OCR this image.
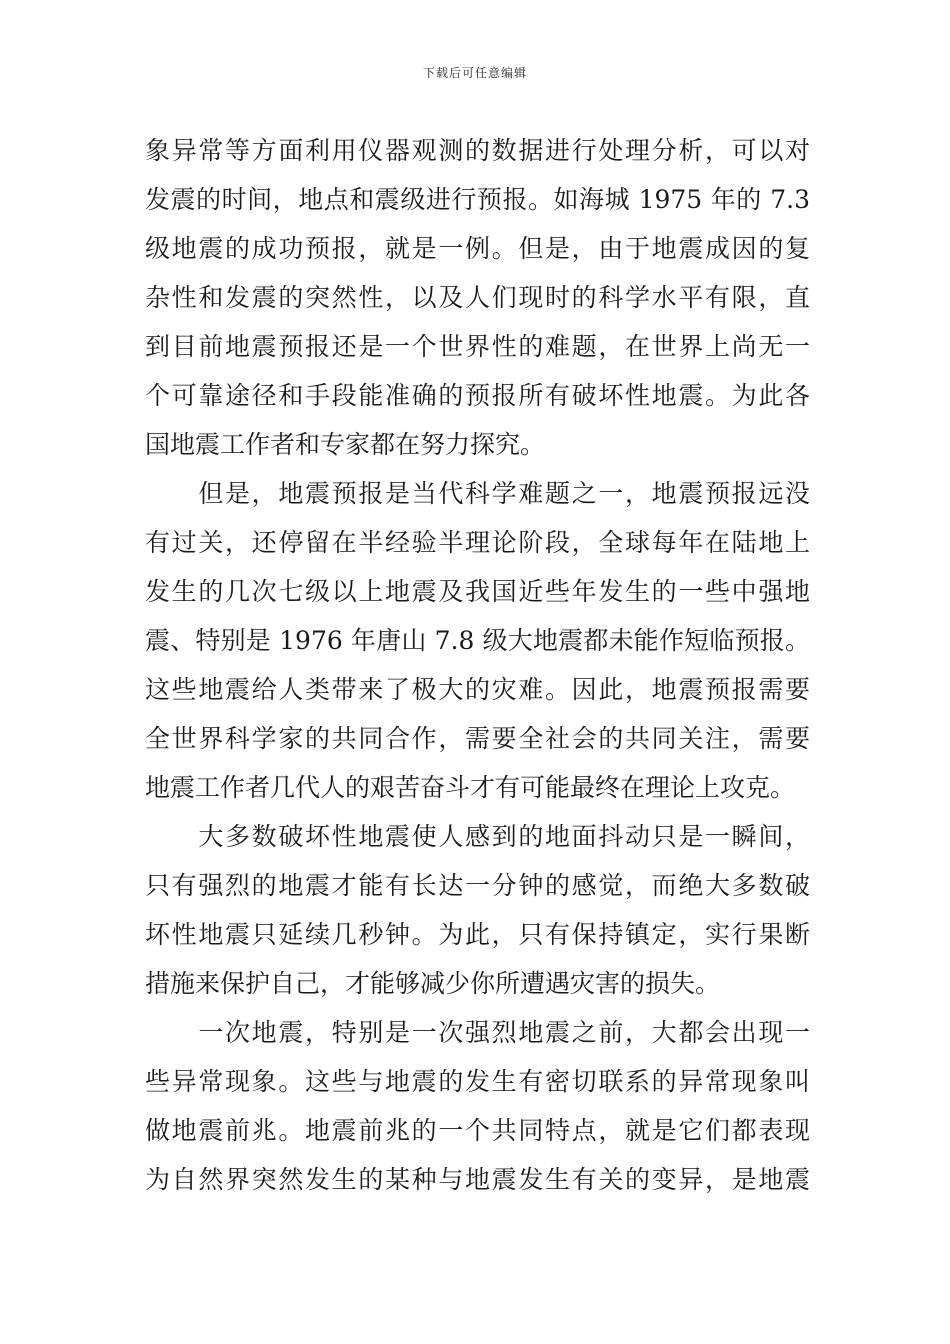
下载后可任意编辑
象异常等方面利用仪器观测的数据进行处理分析，可以对
发震的时间，地点和震级进行预报。如海城 1975 年的 7.3
级地震的成功预报，就是一例。但是，由于地震成因的复
杂性和发震的突然性，以及人们现时的科学水平有限，直
到目前地震预报还是一个世界性的难题，在世界上尚无一
个可靠途径和手段能准确的预报所有破坏性地震。为此各
国地震工作者和专家都在努力探究。
　　但是，地震预报是当代科学难题之一，地震预报远没
有过关，还停留在半经验半理论阶段，全球每年在陆地上
发生的几次七级以上地震及我国近些年发生的一些中强地
震、特别是 1976 年唐山 7.8 级大地震都未能作短临预报。
这些地震给人类带来了极大的灾难。因此，地震预报需要
全世界科学家的共同合作，需要全社会的共同关注，需要
地震工作者几代人的艰苦奋斗才有可能最终在理论上攻克。
　　大多数破坏性地震使人感到的地面抖动只是一瞬间，
只有强烈的地震才能有长达一分钟的感觉，而绝大多数破
坏性地震只延续几秒钟。为此，只有保持镇定，实行果断
措施来保护自己，才能够减少你所遭遇灾害的损失。
　　一次地震，特别是一次强烈地震之前，大都会出现一
些异常现象。这些与地震的发生有密切联系的异常现象叫
做地震前兆。地震前兆的一个共同特点，就是它们都表现
为自然界突然发生的某种与地震发生有关的变异，是地震
